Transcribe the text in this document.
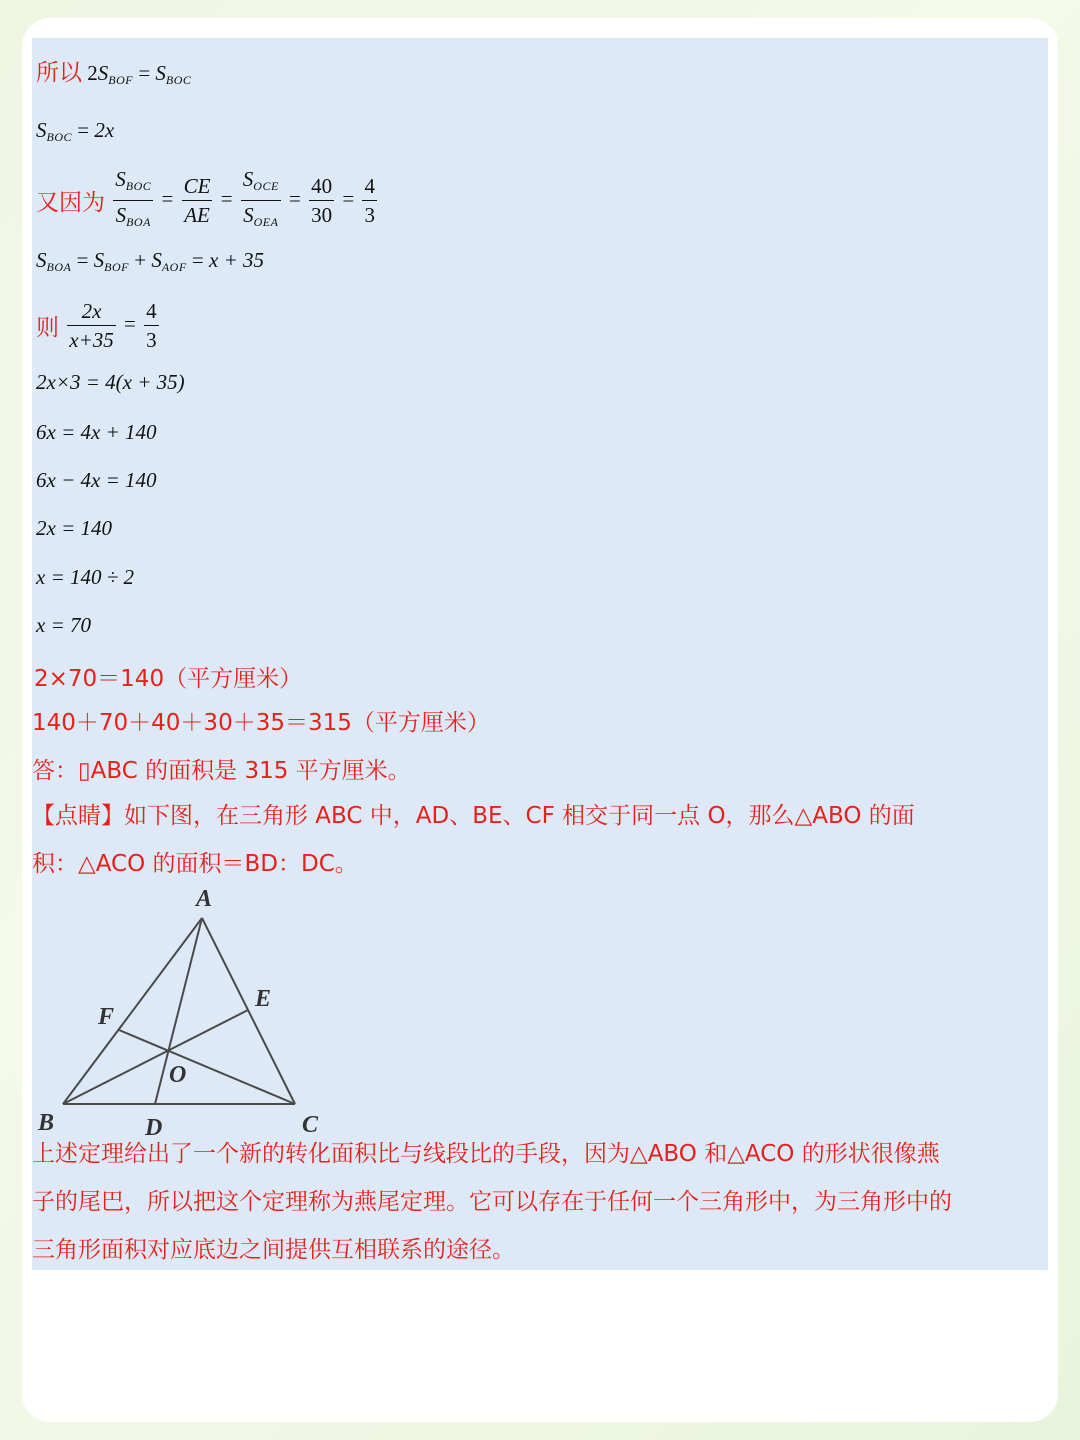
所以 $2S_{BOF} = S_{BOC}$
$S_{BOC} = 2x$
又因为 $\frac{S_{BOC}}{S_{BOA}} = \frac{CE}{AE} = \frac{S_{OCE}}{S_{OEA}} = \frac{40}{30} = \frac{4}{3}$
$S_{BOA} = S_{BOF} + S_{AOF} = x + 35$
则 $\frac{2x}{x+35} = \frac{4}{3}$
2x×3 = 4(x + 35)
6x = 4x + 140
6x − 4x = 140
2x = 140
x = 140 ÷ 2
x = 70
2×70＝140（平方厘米）
140＋70＋40＋30＋35＝315（平方厘米）
答：▯ABC 的面积是 315 平方厘米。
【点睛】如下图，在三角形 ABC 中，AD、BE、CF 相交于同一点 O，那么△ABO 的面
积：△ACO 的面积＝BD：DC。
A
B	C
D
E
F
O
上述定理给出了一个新的转化面积比与线段比的手段，因为△ABO 和△ACO 的形状很像燕
子的尾巴，所以把这个定理称为燕尾定理。它可以存在于任何一个三角形中，为三角形中的
三角形面积对应底边之间提供互相联系的途径。
